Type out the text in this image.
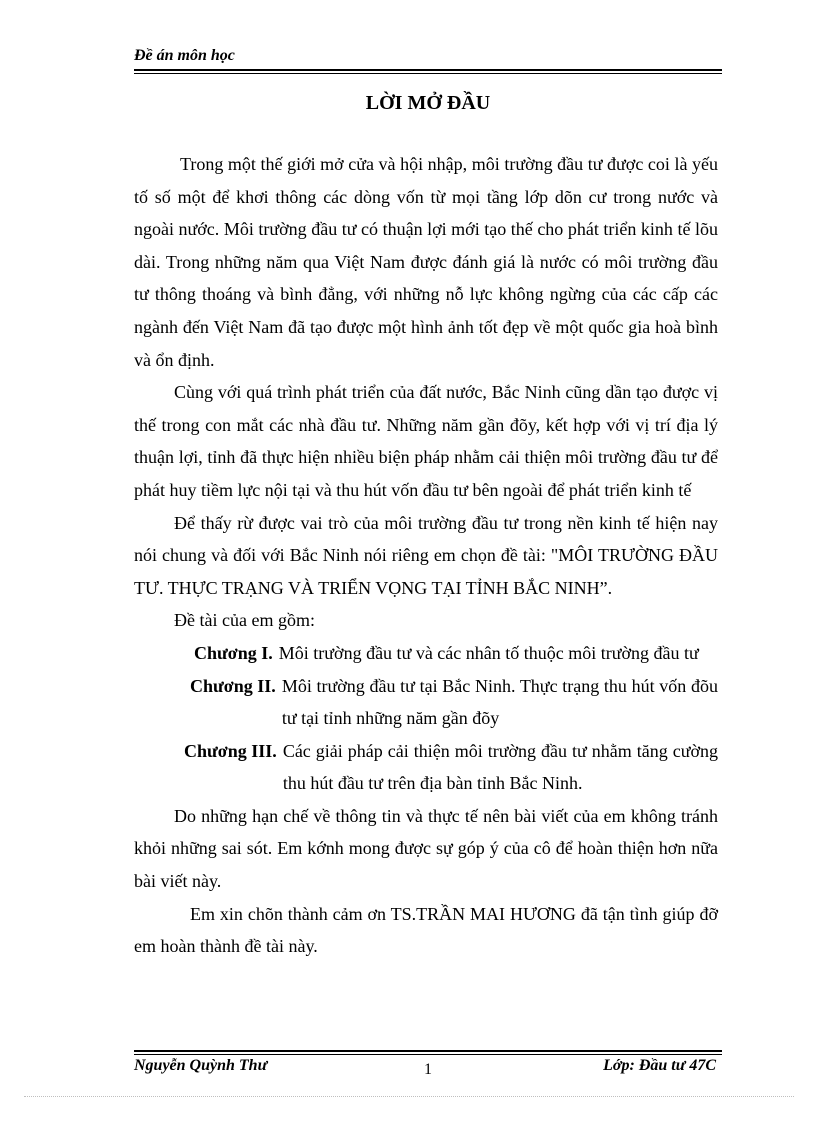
Đề án môn học
LỜI MỞ ĐẦU

Trong một thế giới mở cửa và hội nhập, môi trường đầu tư được coi là yếu tố số một để khơi thông các dòng vốn từ mọi tầng lớp dõn cư trong nước và ngoài nước. Môi trường đầu tư có thuận lợi mới tạo thế cho phát triển kinh tế lõu dài. Trong những năm qua Việt Nam được đánh giá là nước có môi trường đầu tư thông thoáng và bình đẳng, với những nỗ lực không ngừng của các cấp các ngành đến Việt Nam đã tạo được một hình ảnh tốt đẹp về một quốc gia hoà bình và ổn định.

Cùng với quá trình phát triển của đất nước, Bắc Ninh cũng dần tạo được vị thế trong con mắt các nhà đầu tư. Những năm gần đõy, kết hợp với vị trí địa lý thuận lợi, tỉnh đã thực hiện nhiều biện pháp nhằm cải thiện môi trường đầu tư để phát huy tiềm lực nội tại và thu hút vốn đầu tư bên ngoài để phát triển kinh tế

Để thấy rừ được vai trò của môi trường đầu tư trong nền kinh tế hiện nay nói chung và đối với Bắc Ninh nói riêng em chọn đề tài: "MÔI TRƯỜNG ĐẦU TƯ. THỰC TRẠNG VÀ TRIỂN VỌNG TẠI TỈNH BẮC NINH”.

Đề tài của em gồm:

Chương I. Môi trường đầu tư và các nhân tố thuộc môi trường đầu tư
Chương II. Môi trường đầu tư tại Bắc Ninh. Thực trạng thu hút vốn đõu tư tại tỉnh những năm gần đõy
Chương III. Các giải pháp cải thiện môi trường đầu tư nhằm tăng cường thu hút đầu tư trên địa bàn tỉnh Bắc Ninh.

Do những hạn chế về thông tin và thực tế nên bài viết của em không tránh khỏi những sai sót. Em kớnh mong được sự góp ý của cô để hoàn thiện hơn nữa bài viết này.

Em xin chõn thành cảm ơn TS.TRẦN MAI HƯƠNG đã tận tình giúp đỡ em hoàn thành đề tài này.

Nguyễn Quỳnh Thư	1	Lớp: Đầu tư 47C
